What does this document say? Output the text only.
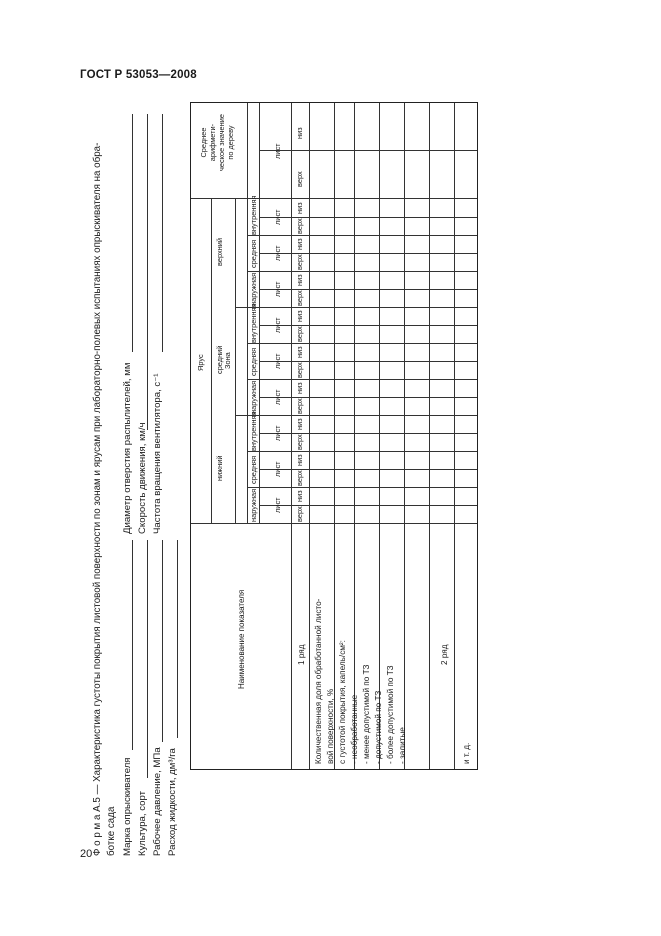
ГОСТ Р 53053—2008
20 Ф о р м а А.5 — Характеристика густоты покрытия листовой поверхности по зонам и ярусам при лабораторно-полевых испытаниях опрыскивателя на обра- ботке сада Марка опрыскивателя Культура, сорт Рабочее давление, МПа Расход жидкости, дм³/га
Диаметр отверстия распылителей, мм Скорость движения, км/ч Частота вращения вентилятора, с⁻¹
Наименование показателя
Ярус Зона
нижний
средний
верхний
наружная
средняя
внутренняя
наружная
средняя
внутренняя
наружная
средняя
внутренняя
лист
лист
лист
лист
лист
лист
лист
лист
лист
лист
верх
низ
верх
низ
верх
низ
верх
низ
верх
низ
верх
низ
верх
низ
верх
низ
верх
низ
верх
низ
Среднее арифмети- ческое значение по дереву
1 ряд Количественная доля обработанной листо- вой поверхности, % с густотой покрытия, капель/см²: - необработанные - менее допустимой по ТЗ - допустимой по ТЗ - более допустимой по ТЗ - залитые
2 ряд
и т. д.
